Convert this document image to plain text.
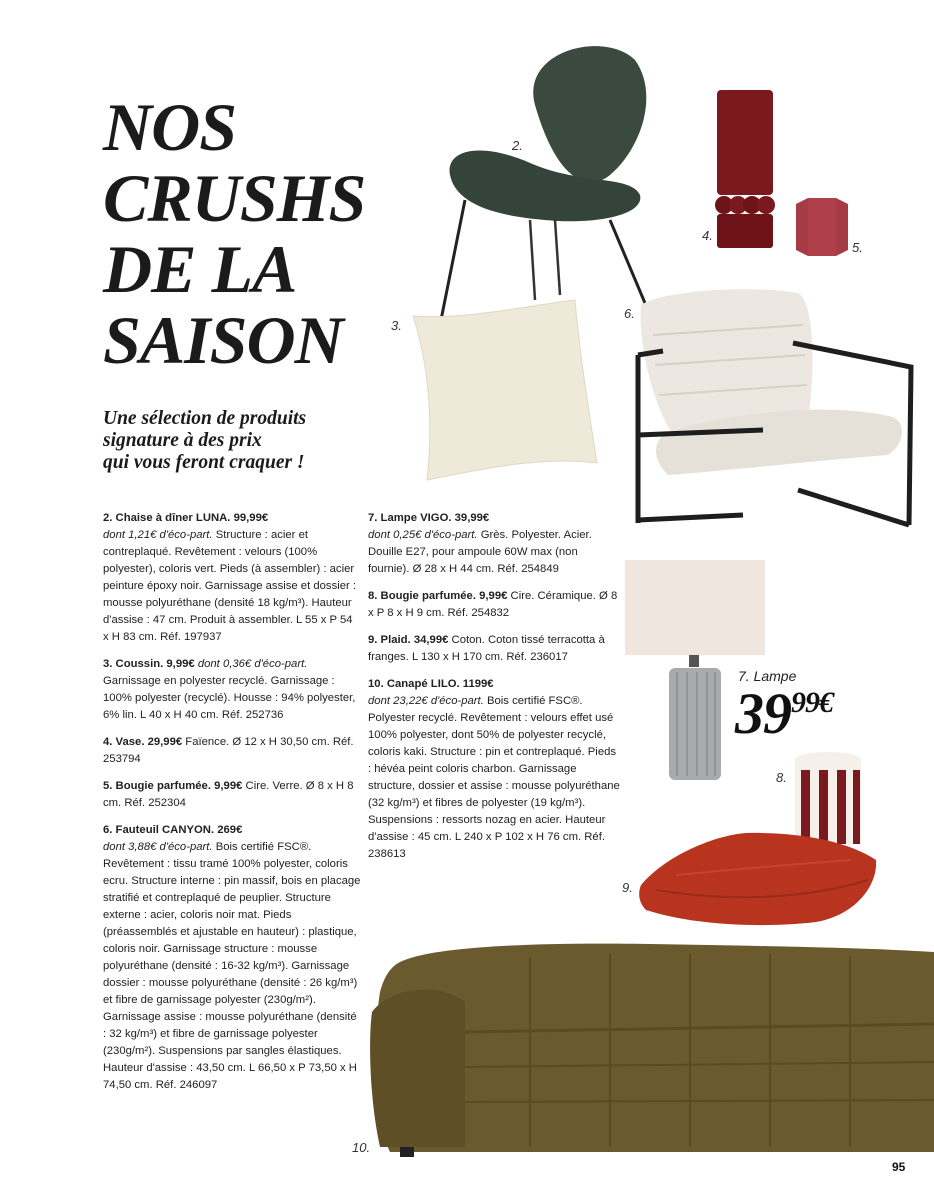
NOS
CRUSHS
DE LA
SAISON
Une sélection de produits
signature à des prix
qui vous feront craquer !

2. Chaise à dîner LUNA. 99,99€
dont 1,21€ d'éco-part. Structure : acier et contreplaqué. Revêtement : velours (100% polyester), coloris vert. Pieds (à assembler) : acier peinture époxy noir. Garnissage assise et dossier : mousse polyuréthane (densité 18 kg/m³). Hauteur d'assise : 47 cm. Produit à assembler. L 55 x P 54 x H 83 cm. Réf. 197937

3. Coussin. 9,99€ dont 0,36€ d'éco-part. Garnissage en polyester recyclé. Garnissage : 100% polyester (recyclé). Housse : 94% polyester, 6% lin. L 40 x H 40 cm. Réf. 252736

4. Vase. 29,99€ Faïence. Ø 12 x H 30,50 cm. Réf. 253794

5. Bougie parfumée. 9,99€ Cire. Verre. Ø 8 x H 8 cm. Réf. 252304

6. Fauteuil CANYON. 269€
dont 3,88€ d'éco-part. Bois certifié FSC®. Revêtement : tissu tramé 100% polyester, coloris ecru. Structure interne : pin massif, bois en placage stratifié et contreplaqué de peuplier. Structure externe : acier, coloris noir mat. Pieds (préassemblés et ajustable en hauteur) : plastique, coloris noir. Garnissage structure : mousse polyuréthane (densité : 16-32 kg/m³). Garnissage dossier : mousse polyuréthane (densité : 26 kg/m³) et fibre de garnissage polyester (230g/m²). Garnissage assise : mousse polyuréthane (densité : 32 kg/m³) et fibre de garnissage polyester (230g/m²). Suspensions par sangles élastiques. Hauteur d'assise : 43,50 cm. L 66,50 x P 73,50 x H 74,50 cm. Réf. 246097

7. Lampe VIGO. 39,99€
dont 0,25€ d'éco-part. Grès. Polyester. Acier. Douille E27, pour ampoule 60W max (non fournie). Ø 28 x H 44 cm. Réf. 254849

8. Bougie parfumée. 9,99€ Cire. Céramique. Ø 8 x P 8 x H 9 cm. Réf. 254832

9. Plaid. 34,99€ Coton. Coton tissé terracotta à franges. L 130 x H 170 cm. Réf. 236017

10. Canapé LILO. 1199€
dont 23,22€ d'éco-part. Bois certifié FSC®. Polyester recyclé. Revêtement : velours effet usé 100% polyester, dont 50% de polyester recyclé, coloris kaki. Structure : pin et contreplaqué. Pieds : hévéa peint coloris charbon. Garnissage structure, dossier et assise : mousse polyuréthane (32 kg/m³) et fibres de polyester (19 kg/m³). Suspensions : ressorts nozag en acier. Hauteur d'assise : 45 cm. L 240 x P 102 x H 76 cm. Réf. 238613

2.
3.
4.
5.
6.
7. Lampe
$39^{99€}$
8.
9.
10.
95
